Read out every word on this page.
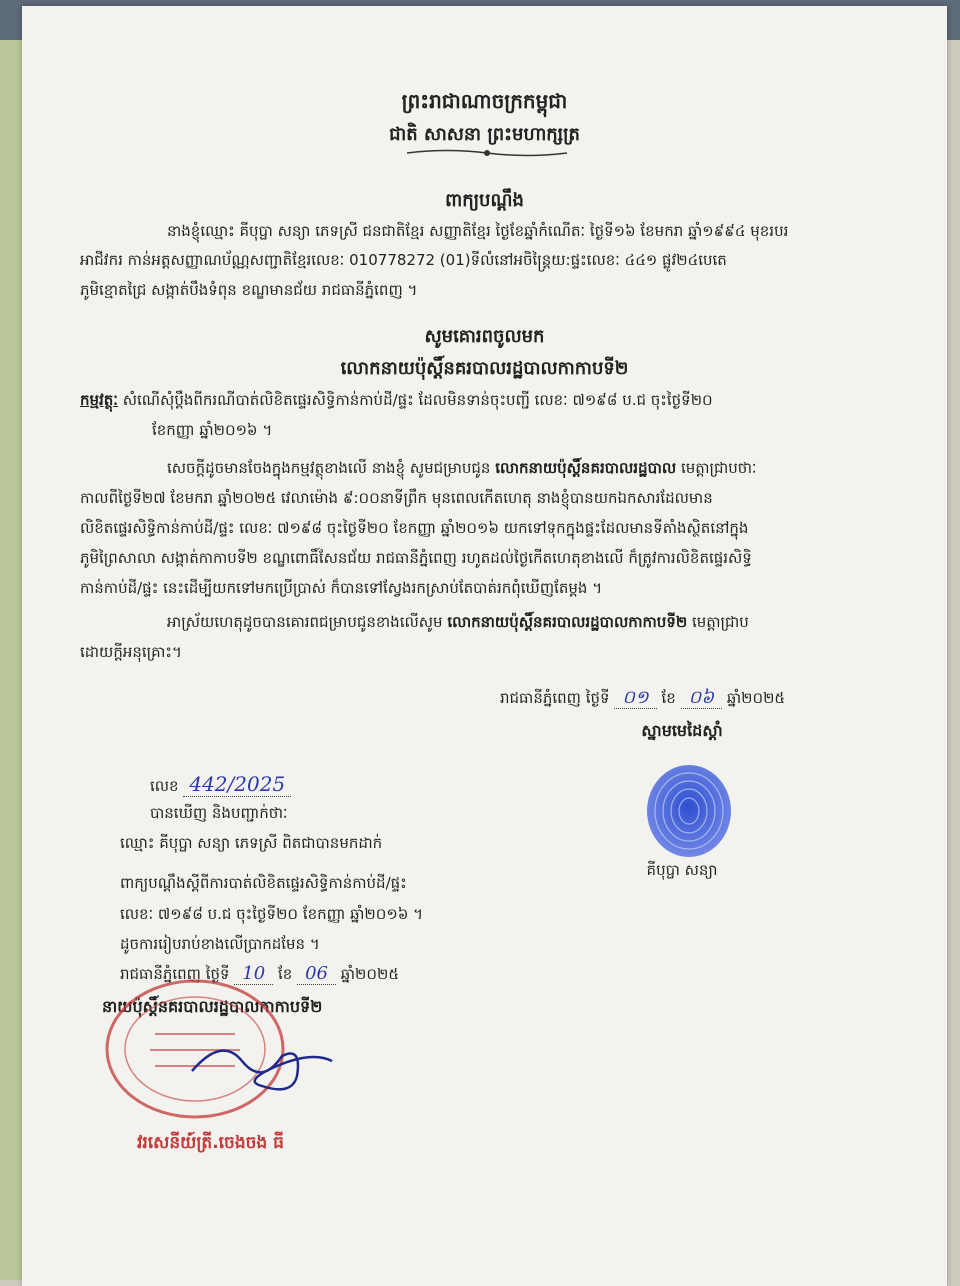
ព្រះរាជាណាចក្រកម្ពុជា
ជាតិ សាសនា ព្រះមហាក្សត្រ
ពាក្យបណ្តឹង
នាងខ្ញុំឈ្មោះ គីបុប្ផា សន្យា ភេទស្រី ជនជាតិខ្មែរ សញ្ញាតិខ្មែរ ថ្ងៃខែឆ្នាំកំណើតៈ ថ្ងៃទី១៦ ខែមករា ឆ្នាំ១៩៩៤ មុខរបរ
អាជីវករ កាន់អត្តសញ្ញាណប័ណ្ណសញ្ជាតិខ្មែរលេខៈ 010778272 (01)ទីលំនៅអចិន្ត្រៃយ:ផ្ទះលេខៈ ៤៤១ ផ្លូវ២៤បេតេ
ភូមិខ្មោតជ្រៃ សង្កាត់បឹងទំពុន ខណ្ឌមានជ័យ រាជធានីភ្នំពេញ ។
សូមគោរពចូលមក
លោកនាយប៉ុស្តិ៍នគរបាលរដ្ឋបាលកាកាបទី២
កម្មវត្ថុៈ សំណើសុំប្តឹងពីករណីបាត់លិខិតផ្ទេរសិទ្ធិកាន់កាប់ដី/ផ្ទះ ដែលមិនទាន់ចុះបញ្ជី លេខៈ ៧១៩៨ ប.ជ ចុះថ្ងៃទី២០
ខែកញ្ញា ឆ្នាំ២០១៦ ។
សេចក្តីដូចមានចែងក្នុងកម្មវត្ថុខាងលើ នាងខ្ញុំ សូមជម្រាបជូន លោកនាយប៉ុស្តិ៍នគរបាលរដ្ឋបាល មេត្តាជ្រាបថាៈ
កាលពីថ្ងៃទី២៧ ខែមករា ឆ្នាំ២០២៥ វេលាម៉ោង ៩:០០នាទីព្រឹក មុនពេលកើតហេតុ នាងខ្ញុំបានយកឯកសារដែលមាន
លិខិតផ្ទេរសិទ្ធិកាន់កាប់ដី/ផ្ទះ លេខៈ ៧១៩៨ ចុះថ្ងៃទី២០ ខែកញ្ញា ឆ្នាំ២០១៦ យកទៅទុកក្នុងផ្ទះដែលមានទីតាំងស្ថិតនៅក្នុង
ភូមិព្រៃសាលា សង្កាត់កាកាបទី២ ខណ្ឌពោធិ៍សែនជ័យ រាជធានីភ្នំពេញ រហូតដល់ថ្ងៃកើតហេតុខាងលើ ក៏ត្រូវការលិខិតផ្ទេរសិទ្ធិ
កាន់កាប់ដី/ផ្ទះ នេះដើម្បីយកទៅមកប្រើប្រាស់ ក៏បានទៅស្វែងរកស្រាប់តែបាត់រកពុំឃើញតែម្តង ។
អាស្រ័យហេតុដូចបានគោរពជម្រាបជូនខាងលើសូម លោកនាយប៉ុស្តិ៍នគរបាលរដ្ឋបាលកាកាបទី២ មេត្តាជ្រាប
ដោយក្តីអនុគ្រោះ។
រាជធានីភ្នំពេញ ថ្ងៃទី ០១ ខែ ០៦ ឆ្នាំ២០២៥
ស្នាមមេដៃស្តាំ
គីបុប្ផា សន្យា
លេខ 442/2025
បានឃើញ និងបញ្ជាក់ថាៈ
ឈ្មោះ គីបុប្ផា សន្យា ភេទស្រី ពិតជាបានមកដាក់
ពាក្យបណ្តឹងស្តីពីការបាត់លិខិតផ្ទេរសិទ្ធិកាន់កាប់ដី/ផ្ទះ
លេខៈ ៧១៩៨ ប.ជ ចុះថ្ងៃទី២០ ខែកញ្ញា ឆ្នាំ២០១៦ ។
ដូចការរៀបរាប់ខាងលើប្រាកដមែន ។
រាជធានីភ្នំពេញ ថ្ងៃទី 10 ខែ 06 ឆ្នាំ២០២៥
នាយប៉ុស្តិ៍នគរបាលរដ្ឋបាលកាកាបទី២
វរសេនីយ៍ត្រី.ចេងចង ធី
